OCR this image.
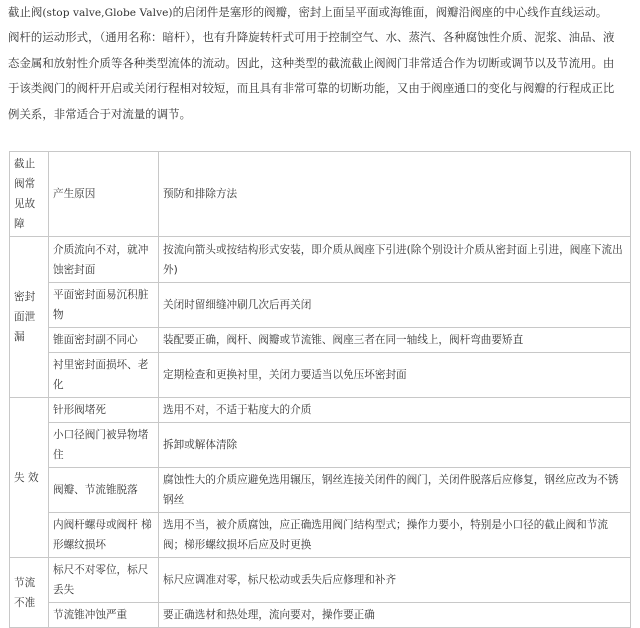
截止阀(stop valve,Globe Valve)的启闭件是塞形的阀瓣，密封上面呈平面或海锥面，阀瓣沿阀座的中心线作直线运动。
阀杆的运动形式，（通用名称：暗杆），也有升降旋转杆式可用于控制空气、水、蒸汽、各种腐蚀性介质、泥浆、油品、液
态金属和放射性介质等各种类型流体的流动。因此，这种类型的截流截止阀阀门非常适合作为切断或调节以及节流用。由
于该类阀门的阀杆开启或关闭行程相对较短，而且具有非常可靠的切断功能，又由于阀座通口的变化与阀瓣的行程成正比
例关系，非常适合于对流量的调节。
截止阀常见故障	产生原因	预防和排除方法
密封面泄漏	介质流向不对，就冲蚀密封面	按流向箭头或按结构形式安装，即介质从阀座下引进(除个别设计介质从密封面上引进，阀座下流出外)
	平面密封面易沉积脏物	关闭时留细缝冲刷几次后再关闭
	锥面密封副不同心	装配要正确，阀杆、阀瓣或节流锥、阀座三者在同一轴线上，阀杆弯曲要矫直
	衬里密封面损坏、老化	定期检查和更换衬里，关闭力要适当以免压坏密封面
失 效	针形阀堵死	选用不对，不适于粘度大的介质
	小口径阀门被异物堵住	拆卸或解体清除
	阀瓣、节流锥脱落	腐蚀性大的介质应避免选用辗压，钢丝连接关闭件的阀门，关闭件脱落后应修复，钢丝应改为不锈钢丝
	内阀杆螺母或阀杆 梯形螺纹损坏	选用不当，被介质腐蚀，应正确选用阀门结构型式；操作力要小，特别是小口径的截止阀和节流阀；梯形螺纹损坏后应及时更换
节流不准	标尺不对零位，标尺丢失	标尺应调准对零，标尺松动或丢失后应修理和补齐
	节流锥冲蚀严重	要正确选材和热处理，流向要对，操作要正确
